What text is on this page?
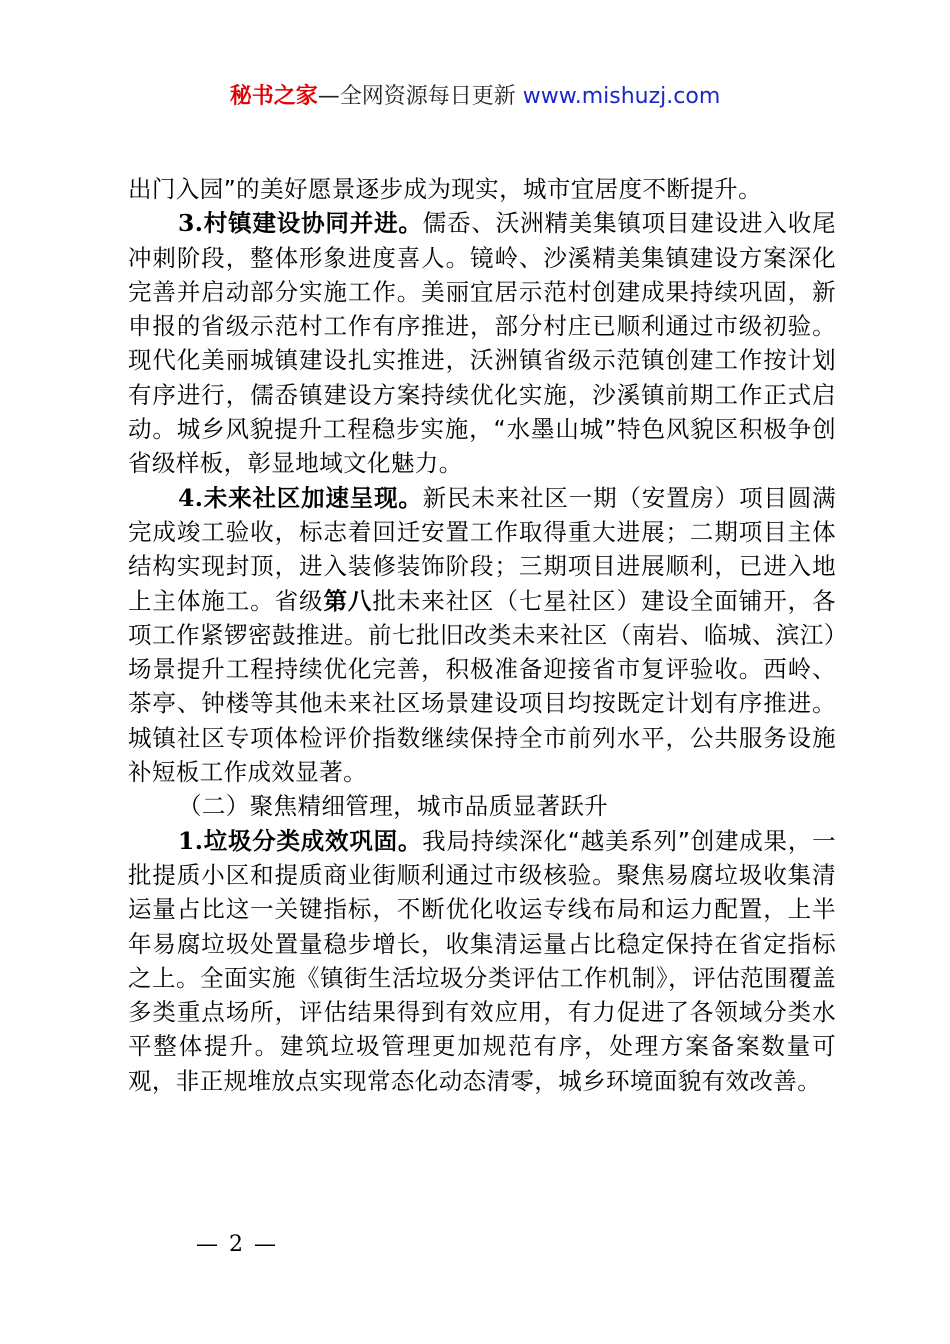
秘书之家—全网资源每日更新 www.mishuzj.com

出门入园”的美好愿景逐步成为现实，城市宜居度不断提升。

3.村镇建设协同并进。儒岙、沃洲精美集镇项目建设进入收尾冲刺阶段，整体形象进度喜人。镜岭、沙溪精美集镇建设方案深化完善并启动部分实施工作。美丽宜居示范村创建成果持续巩固，新申报的省级示范村工作有序推进，部分村庄已顺利通过市级初验。现代化美丽城镇建设扎实推进，沃洲镇省级示范镇创建工作按计划有序进行，儒岙镇建设方案持续优化实施，沙溪镇前期工作正式启动。城乡风貌提升工程稳步实施，“水墨山城”特色风貌区积极争创省级样板，彰显地域文化魅力。

4.未来社区加速呈现。新民未来社区一期（安置房）项目圆满完成竣工验收，标志着回迁安置工作取得重大进展；二期项目主体结构实现封顶，进入装修装饰阶段；三期项目进展顺利，已进入地上主体施工。省级第八批未来社区（七星社区）建设全面铺开，各项工作紧锣密鼓推进。前七批旧改类未来社区（南岩、临城、滨江）场景提升工程持续优化完善，积极准备迎接省市复评验收。西岭、茶亭、钟楼等其他未来社区场景建设项目均按既定计划有序推进。城镇社区专项体检评价指数继续保持全市前列水平，公共服务设施补短板工作成效显著。

（二）聚焦精细管理，城市品质显著跃升

1.垃圾分类成效巩固。我局持续深化“越美系列”创建成果，一批提质小区和提质商业街顺利通过市级核验。聚焦易腐垃圾收集清运量占比这一关键指标，不断优化收运专线布局和运力配置，上半年易腐垃圾处置量稳步增长，收集清运量占比稳定保持在省定指标之上。全面实施《镇街生活垃圾分类评估工作机制》，评估范围覆盖多类重点场所，评估结果得到有效应用，有力促进了各领域分类水平整体提升。建筑垃圾管理更加规范有序，处理方案备案数量可观，非正规堆放点实现常态化动态清零，城乡环境面貌有效改善。

— 2 —
